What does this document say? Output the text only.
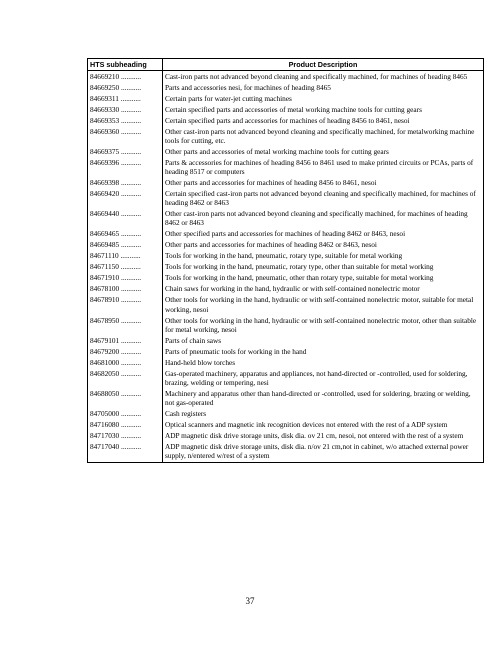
HTS subheading	Product Description
84669210 ...........	Cast-iron parts not advanced beyond cleaning and specifically machined, for machines of heading 8465
84669250 ...........	Parts and accessories nesi, for machines of heading 8465
84669311 ...........	Certain parts for water-jet cutting machines
84669330 ...........	Certain specified parts and accessories of metal working machine tools for cutting gears
84669353 ...........	Certain specified parts and accessories for machines of heading 8456 to 8461, nesoi
84669360 ...........	Other cast-iron parts not advanced beyond cleaning and specifically machined, for metalworking machine tools for cutting, etc.
84669375 ...........	Other parts and accessories of metal working machine tools for cutting gears
84669396 ...........	Parts & accessories for machines of heading 8456 to 8461 used to make printed circuits or PCAs, parts of heading 8517 or computers
84669398 ...........	Other parts and accessories for machines of heading 8456 to 8461, nesoi
84669420 ...........	Certain specified cast-iron parts not advanced beyond cleaning and specifically machined, for machines of heading 8462 or 8463
84669440 ...........	Other cast-iron parts not advanced beyond cleaning and specifically machined, for machines of heading 8462 or 8463
84669465 ...........	Other specified parts and accessories for machines of heading 8462 or 8463, nesoi
84669485 ...........	Other parts and accessories for machines of heading 8462 or 8463, nesoi
84671110 ...........	Tools for working in the hand, pneumatic, rotary type, suitable for metal working
84671150 ...........	Tools for working in the hand, pneumatic, rotary type, other than suitable for metal working
84671910 ...........	Tools for working in the hand, pneumatic, other than rotary type, suitable for metal working
84678100 ...........	Chain saws for working in the hand, hydraulic or with self-contained nonelectric motor
84678910 ...........	Other tools for working in the hand, hydraulic or with self-contained nonelectric motor, suitable for metal working, nesoi
84678950 ...........	Other tools for working in the hand, hydraulic or with self-contained nonelectric motor, other than suitable for metal working, nesoi
84679101 ...........	Parts of chain saws
84679200 ...........	Parts of pneumatic tools for working in the hand
84681000 ...........	Hand-held blow torches
84682050 ...........	Gas-operated machinery, apparatus and appliances, not hand-directed or -controlled, used for soldering, brazing, welding or tempering, nesi
84688050 ...........	Machinery and apparatus other than hand-directed or -controlled, used for soldering, brazing or welding, not gas-operated
84705000 ...........	Cash registers
84716080 ...........	Optical scanners and magnetic ink recognition devices not entered with the rest of a ADP system
84717030 ...........	ADP magnetic disk drive storage units, disk dia. ov 21 cm, nesoi, not entered with the rest of a system
84717040 ...........	ADP magnetic disk drive storage units, disk dia. n/ov 21 cm,not in cabinet, w/o attached external power supply, n/entered w/rest of a system
37
